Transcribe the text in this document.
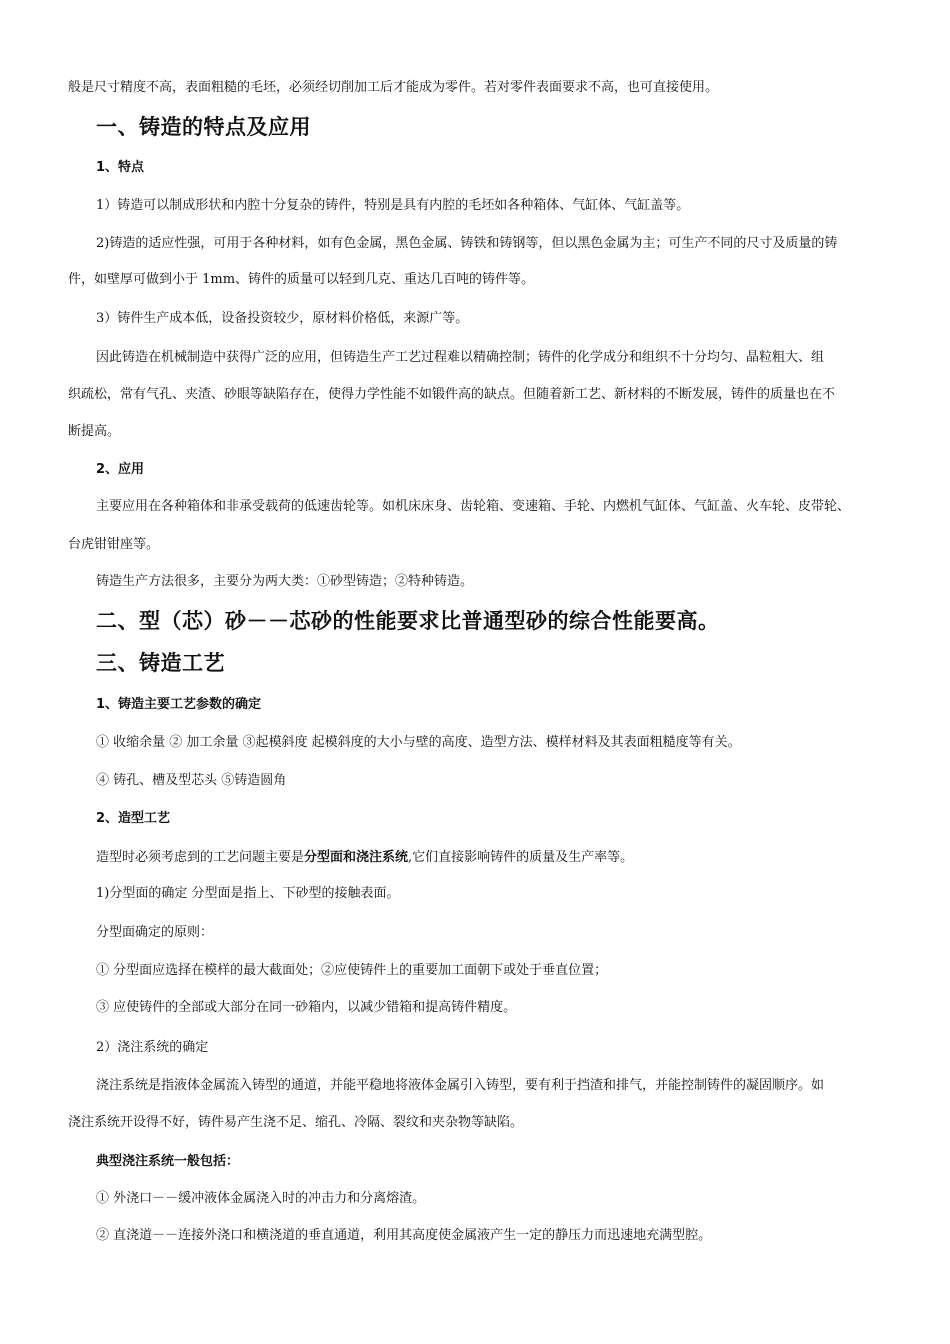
般是尺寸精度不高，表面粗糙的毛坯，必须经切削加工后才能成为零件。若对零件表面要求不高，也可直接使用。
一、铸造的特点及应用
1、特点
1）铸造可以制成形状和内腔十分复杂的铸件，特别是具有内腔的毛坯如各种箱体、气缸体、气缸盖等。
2)铸造的适应性强，可用于各种材料，如有色金属，黑色金属、铸铁和铸钢等，但以黑色金属为主；可生产不同的尺寸及质量的铸
件，如壁厚可做到小于 1mm、铸件的质量可以轻到几克、重达几百吨的铸件等。
3）铸件生产成本低，设备投资较少，原材料价格低，来源广等。
因此铸造在机械制造中获得广泛的应用，但铸造生产工艺过程难以精确控制；铸件的化学成分和组织不十分均匀、晶粒粗大、组
织疏松，常有气孔、夹渣、砂眼等缺陷存在，使得力学性能不如锻件高的缺点。但随着新工艺、新材料的不断发展，铸件的质量也在不
断提高。
2、应用
主要应用在各种箱体和非承受载荷的低速齿轮等。如机床床身、齿轮箱、变速箱、手轮、内燃机气缸体、气缸盖、火车轮、皮带轮、
台虎钳钳座等。
铸造生产方法很多，主要分为两大类：①砂型铸造；②特种铸造。
二、型（芯）砂－－芯砂的性能要求比普通型砂的综合性能要高。
三、铸造工艺
1、铸造主要工艺参数的确定
① 收缩余量 ② 加工余量 ③起模斜度 起模斜度的大小与壁的高度、造型方法、模样材料及其表面粗糙度等有关。
④ 铸孔、槽及型芯头 ⑤铸造圆角
2、造型工艺
造型时必须考虑到的工艺问题主要是分型面和浇注系统,它们直接影响铸件的质量及生产率等。
1)分型面的确定 分型面是指上、下砂型的接触表面。
分型面确定的原则：
① 分型面应选择在模样的最大截面处；②应使铸件上的重要加工面朝下或处于垂直位置；
③ 应使铸件的全部或大部分在同一砂箱内，以减少错箱和提高铸件精度。
2）浇注系统的确定
浇注系统是指液体金属流入铸型的通道，并能平稳地将液体金属引入铸型，要有利于挡渣和排气，并能控制铸件的凝固顺序。如
浇注系统开设得不好，铸件易产生浇不足、缩孔、冷隔、裂纹和夹杂物等缺陷。
典型浇注系统一般包括：
① 外浇口－－缓冲液体金属浇入时的冲击力和分离熔渣。
② 直浇道－－连接外浇口和横浇道的垂直通道，利用其高度使金属液产生一定的静压力而迅速地充满型腔。
